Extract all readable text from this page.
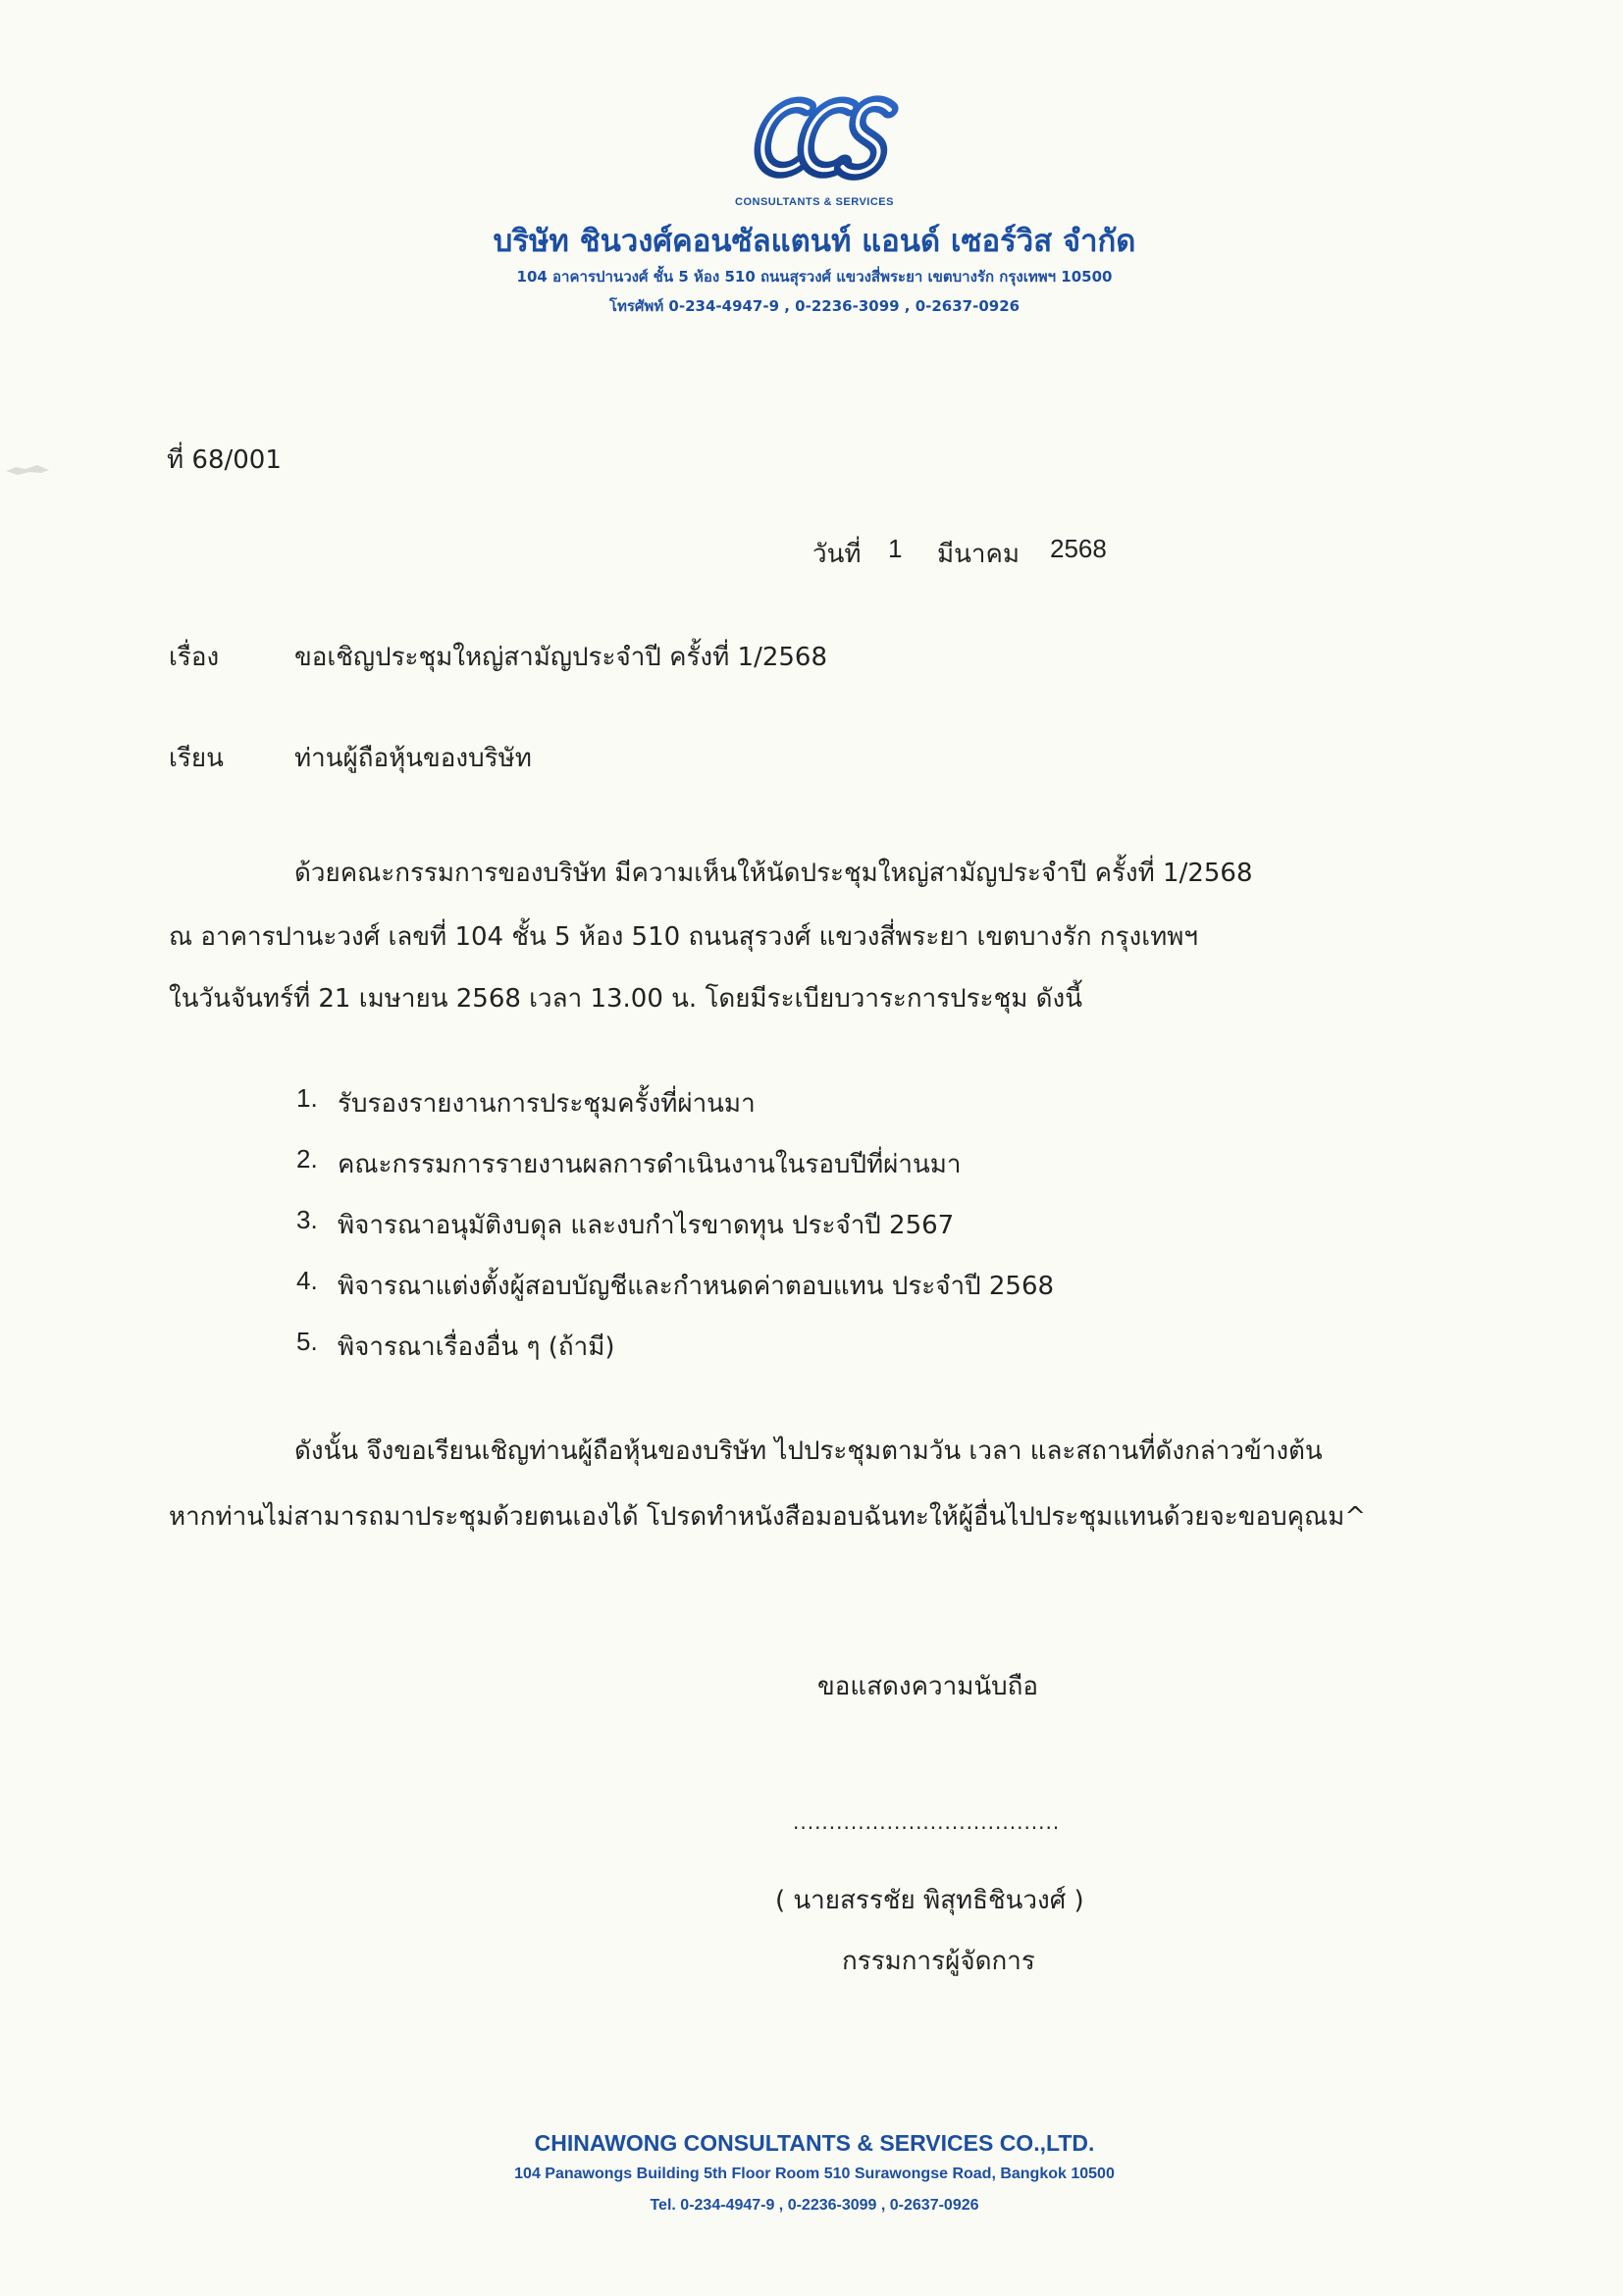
CONSULTANTS & SERVICES
บริษัท ชินวงศ์คอนซัลแตนท์ แอนด์ เซอร์วิส จำกัด
104 อาคารปานวงศ์ ชั้น 5 ห้อง 510 ถนนสุรวงศ์ แขวงสี่พระยา เขตบางรัก กรุงเทพฯ 10500
โทรศัพท์ 0-234-4947-9 , 0-2236-3099 , 0-2637-0926
ที่ 68/001
วันที่ 1 มีนาคม 2568
เรื่อง	ขอเชิญประชุมใหญ่สามัญประจำปี ครั้งที่ 1/2568
เรียน	ท่านผู้ถือหุ้นของบริษัท
ด้วยคณะกรรมการของบริษัท มีความเห็นให้นัดประชุมใหญ่สามัญประจำปี ครั้งที่ 1/2568
ณ อาคารปานะวงศ์ เลขที่ 104 ชั้น 5 ห้อง 510 ถนนสุรวงศ์ แขวงสี่พระยา เขตบางรัก กรุงเทพฯ
ในวันจันทร์ที่ 21 เมษายน 2568 เวลา 13.00 น. โดยมีระเบียบวาระการประชุม ดังนี้
1. รับรองรายงานการประชุมครั้งที่ผ่านมา
2. คณะกรรมการรายงานผลการดำเนินงานในรอบปีที่ผ่านมา
3. พิจารณาอนุมัติงบดุล และงบกำไรขาดทุน ประจำปี 2567
4. พิจารณาแต่งตั้งผู้สอบบัญชีและกำหนดค่าตอบแทน ประจำปี 2568
5. พิจารณาเรื่องอื่น ๆ (ถ้ามี)
ดังนั้น จึงขอเรียนเชิญท่านผู้ถือหุ้นของบริษัท ไปประชุมตามวัน เวลา และสถานที่ดังกล่าวข้างต้น
หากท่านไม่สามารถมาประชุมด้วยตนเองได้ โปรดทำหนังสือมอบฉันทะให้ผู้อื่นไปประชุมแทนด้วยจะขอบคุณม^
ขอแสดงความนับถือ
.....................................
( นายสรรชัย พิสุทธิชินวงศ์ )
กรรมการผู้จัดการ
CHINAWONG CONSULTANTS & SERVICES CO.,LTD.
104 Panawongs Building 5th Floor Room 510 Surawongse Road, Bangkok 10500
Tel. 0-234-4947-9 , 0-2236-3099 , 0-2637-0926
